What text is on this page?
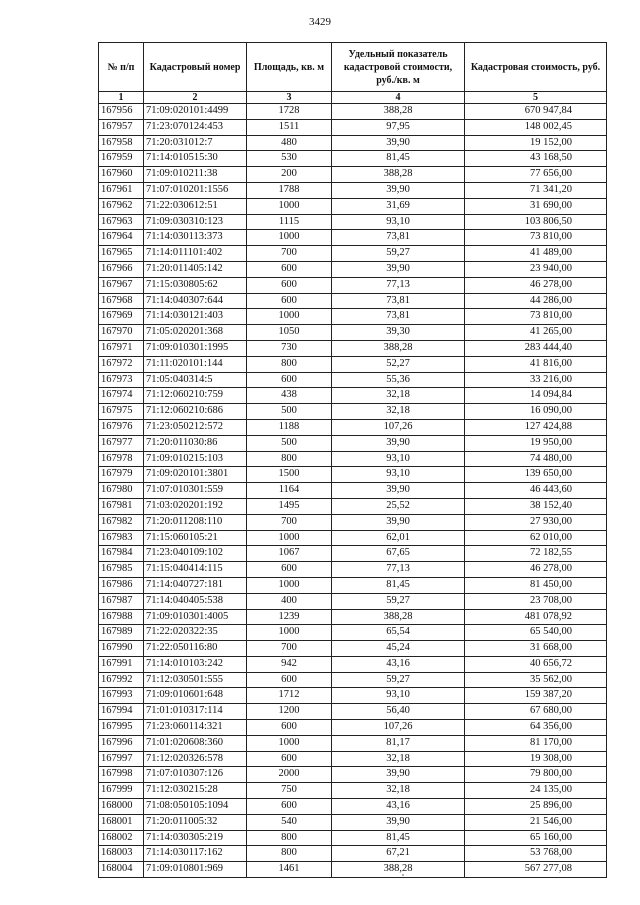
3429
№ п/п	Кадастровый номер	Площадь, кв. м	Удельный показатель кадастровой стоимости, руб./кв. м	Кадастровая стоимость, руб.
1	2	3	4	5
167956	71:09:020101:4499	1728	388,28	670 947,84
167957	71:23:070124:453	1511	97,95	148 002,45
167958	71:20:031012:7	480	39,90	19 152,00
167959	71:14:010515:30	530	81,45	43 168,50
167960	71:09:010211:38	200	388,28	77 656,00
167961	71:07:010201:1556	1788	39,90	71 341,20
167962	71:22:030612:51	1000	31,69	31 690,00
167963	71:09:030310:123	1115	93,10	103 806,50
167964	71:14:030113:373	1000	73,81	73 810,00
167965	71:14:011101:402	700	59,27	41 489,00
167966	71:20:011405:142	600	39,90	23 940,00
167967	71:15:030805:62	600	77,13	46 278,00
167968	71:14:040307:644	600	73,81	44 286,00
167969	71:14:030121:403	1000	73,81	73 810,00
167970	71:05:020201:368	1050	39,30	41 265,00
167971	71:09:010301:1995	730	388,28	283 444,40
167972	71:11:020101:144	800	52,27	41 816,00
167973	71:05:040314:5	600	55,36	33 216,00
167974	71:12:060210:759	438	32,18	14 094,84
167975	71:12:060210:686	500	32,18	16 090,00
167976	71:23:050212:572	1188	107,26	127 424,88
167977	71:20:011030:86	500	39,90	19 950,00
167978	71:09:010215:103	800	93,10	74 480,00
167979	71:09:020101:3801	1500	93,10	139 650,00
167980	71:07:010301:559	1164	39,90	46 443,60
167981	71:03:020201:192	1495	25,52	38 152,40
167982	71:20:011208:110	700	39,90	27 930,00
167983	71:15:060105:21	1000	62,01	62 010,00
167984	71:23:040109:102	1067	67,65	72 182,55
167985	71:15:040414:115	600	77,13	46 278,00
167986	71:14:040727:181	1000	81,45	81 450,00
167987	71:14:040405:538	400	59,27	23 708,00
167988	71:09:010301:4005	1239	388,28	481 078,92
167989	71:22:020322:35	1000	65,54	65 540,00
167990	71:22:050116:80	700	45,24	31 668,00
167991	71:14:010103:242	942	43,16	40 656,72
167992	71:12:030501:555	600	59,27	35 562,00
167993	71:09:010601:648	1712	93,10	159 387,20
167994	71:01:010317:114	1200	56,40	67 680,00
167995	71:23:060114:321	600	107,26	64 356,00
167996	71:01:020608:360	1000	81,17	81 170,00
167997	71:12:020326:578	600	32,18	19 308,00
167998	71:07:010307:126	2000	39,90	79 800,00
167999	71:12:030215:28	750	32,18	24 135,00
168000	71:08:050105:1094	600	43,16	25 896,00
168001	71:20:011005:32	540	39,90	21 546,00
168002	71:14:030305:219	800	81,45	65 160,00
168003	71:14:030117:162	800	67,21	53 768,00
168004	71:09:010801:969	1461	388,28	567 277,08
